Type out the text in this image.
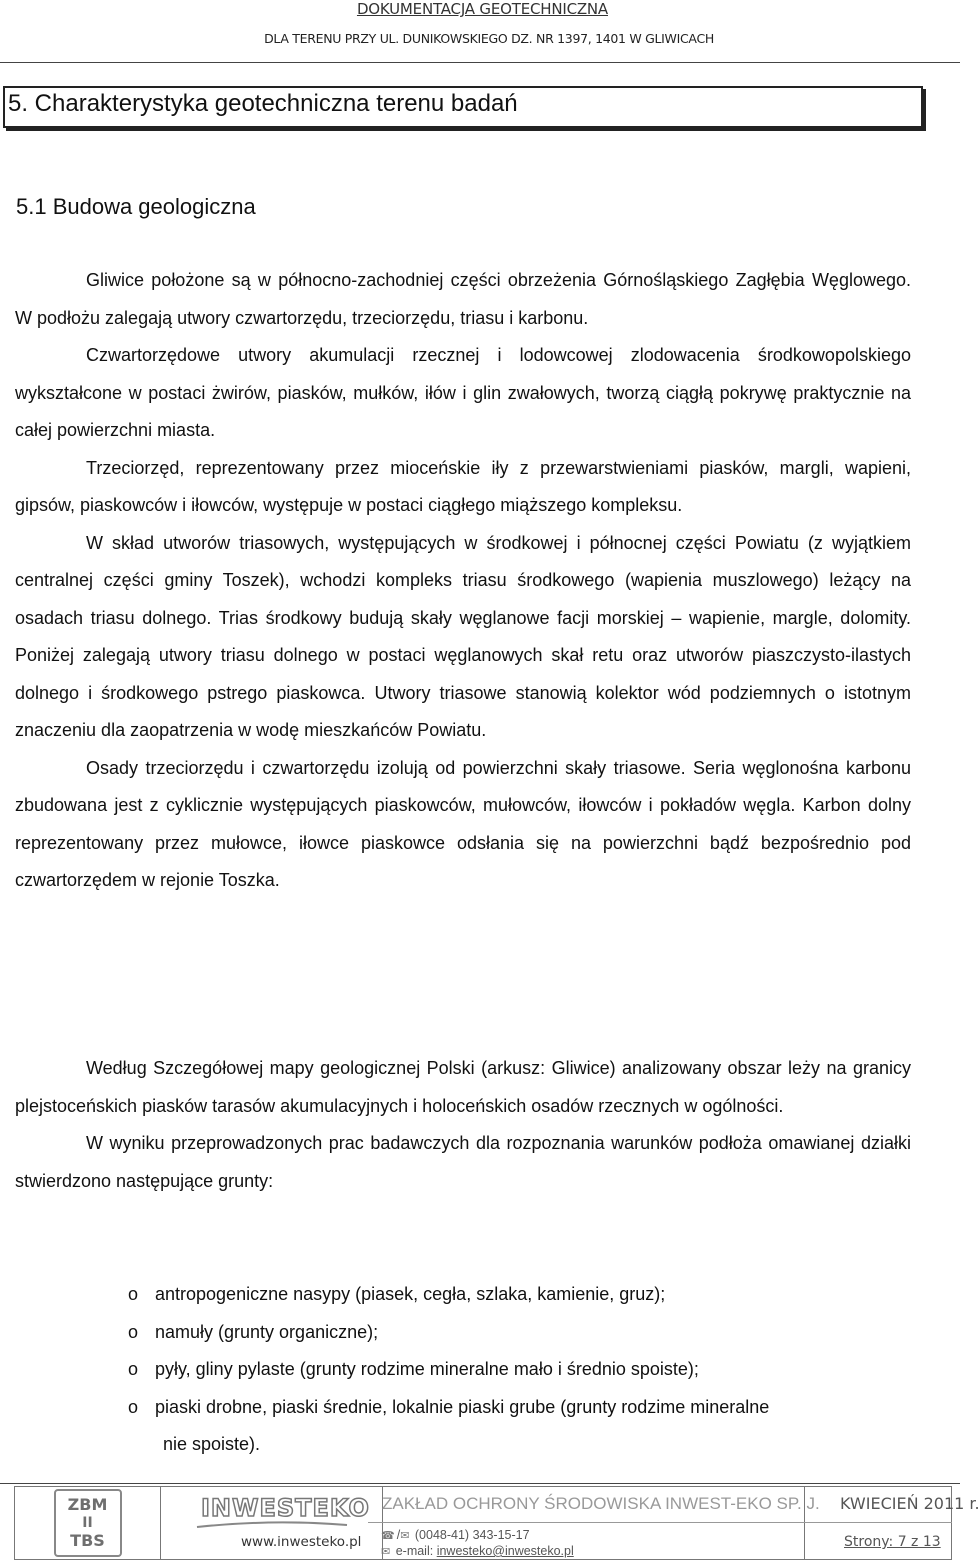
DOKUMENTACJA GEOTECHNICZNA
DLA TERENU PRZY UL. DUNIKOWSKIEGO DZ. NR 1397, 1401 W GLIWICACH
5. Charakterystyka geotechniczna terenu badań
5.1 Budowa geologiczna

Gliwice położone są w północno-zachodniej części obrzeżenia Górnośląskiego Zagłębia Węglowego. W podłożu zalegają utwory czwartorzędu, trzeciorzędu, triasu i karbonu.

Czwartorzędowe utwory akumulacji rzecznej i lodowcowej zlodowacenia środkowopolskiego wykształcone w postaci żwirów, piasków, mułków, iłów i glin zwałowych, tworzą ciągłą pokrywę praktycznie na całej powierzchni miasta.

Trzeciorzęd, reprezentowany przez mioceńskie iły z przewarstwieniami piasków, margli, wapieni, gipsów, piaskowców i iłowców, występuje w postaci ciągłego miąższego kompleksu.

W skład utworów triasowych, występujących w środkowej i północnej części Powiatu (z wyjątkiem centralnej części gminy Toszek), wchodzi kompleks triasu środkowego (wapienia muszlowego) leżący na osadach triasu dolnego. Trias środkowy budują skały węglanowe facji morskiej – wapienie, margle, dolomity. Poniżej zalegają utwory triasu dolnego w postaci węglanowych skał retu oraz utworów piaszczysto-ilastych dolnego i środkowego pstrego piaskowca. Utwory triasowe stanowią kolektor wód podziemnych o istotnym znaczeniu dla zaopatrzenia w wodę mieszkańców Powiatu.

Osady trzeciorzędu i czwartorzędu izolują od powierzchni skały triasowe. Seria węglonośna karbonu zbudowana jest z cyklicznie występujących piaskowców, mułowców, iłowców i pokładów węgla. Karbon dolny reprezentowany przez mułowce, iłowce piaskowce odsłania się na powierzchni bądź bezpośrednio pod czwartorzędem w rejonie Toszka.

Według Szczegółowej mapy geologicznej Polski (arkusz: Gliwice) analizowany obszar leży na granicy plejstoceńskich piasków tarasów akumulacyjnych i holoceńskich osadów rzecznych w ogólności.

W wyniku przeprowadzonych prac badawczych dla rozpoznania warunków podłoża omawianej działki stwierdzono następujące grunty:

o antropogeniczne nasypy (piasek, cegła, szlaka, kamienie, gruz);
o namuły (grunty organiczne);
o pyły, gliny pylaste (grunty rodzime mineralne mało i średnio spoiste);
o piaski drobne, piaski średnie, lokalnie piaski grube (grunty rodzime mineralne
nie spoiste).
ZBM
II
TBS
INWESTEKO
www.inwesteko.pl
ZAKŁAD OCHRONY ŚRODOWISKA INWEST-EKO SP. J.
☎ /✉ (0048-41) 343-15-17
✉ e-mail: inwesteko@inwesteko.pl
KWIECIEŃ 2011 r.
Strony: 7 z 13
